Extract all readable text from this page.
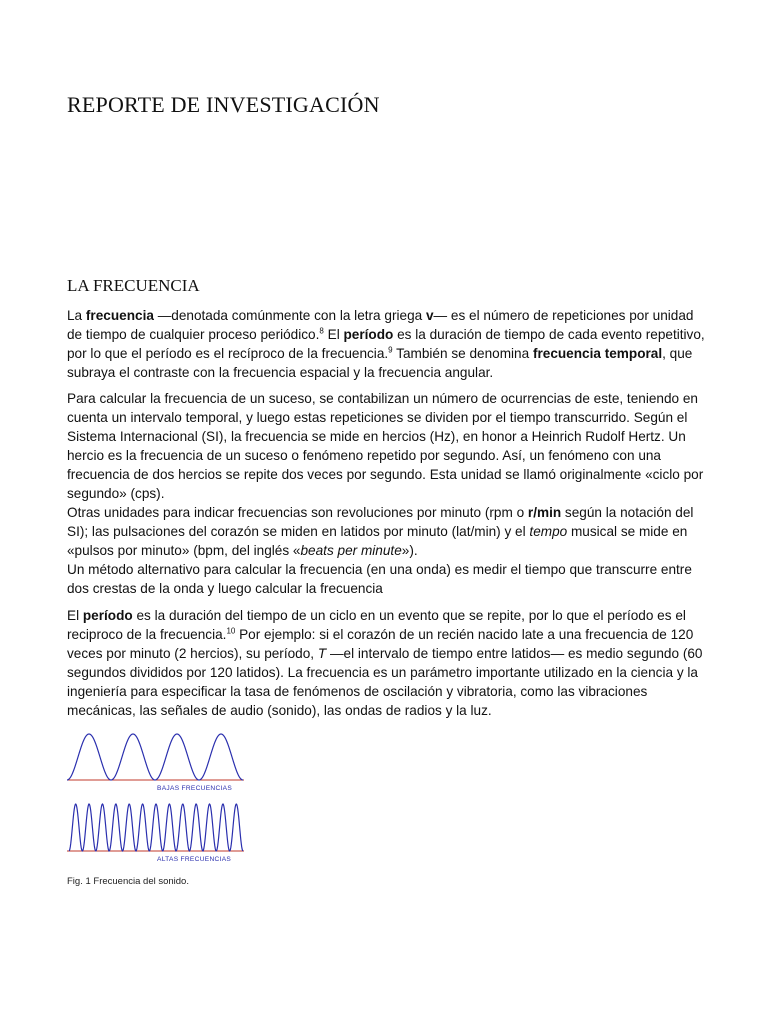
REPORTE DE INVESTIGACIÓN
LA FRECUENCIA

La frecuencia —denotada comúnmente con la letra griega v— es el número de repeticiones por unidad de tiempo de cualquier proceso periódico.$^8$ El período es la duración de tiempo de cada evento repetitivo, por lo que el período es el recíproco de la frecuencia.$^9$ También se denomina frecuencia temporal, que subraya el contraste con la frecuencia espacial y la frecuencia angular.

Para calcular la frecuencia de un suceso, se contabilizan un número de ocurrencias de este, teniendo en cuenta un intervalo temporal, y luego estas repeticiones se dividen por el tiempo transcurrido. Según el Sistema Internacional (SI), la frecuencia se mide en hercios (Hz), en honor a Heinrich Rudolf Hertz. Un hercio es la frecuencia de un suceso o fenómeno repetido por segundo. Así, un fenómeno con una frecuencia de dos hercios se repite dos veces por segundo. Esta unidad se llamó originalmente «ciclo por segundo» (cps).
Otras unidades para indicar frecuencias son revoluciones por minuto (rpm o r/min según la notación del SI); las pulsaciones del corazón se miden en latidos por minuto (lat/min) y el tempo musical se mide en «pulsos por minuto» (bpm, del inglés «beats per minute»).
Un método alternativo para calcular la frecuencia (en una onda) es medir el tiempo que transcurre entre dos crestas de la onda y luego calcular la frecuencia

El período es la duración del tiempo de un ciclo en un evento que se repite, por lo que el período es el reciproco de la frecuencia.$^{10}$ Por ejemplo: si el corazón de un recién nacido late a una frecuencia de 120 veces por minuto (2 hercios), su período, T —el intervalo de tiempo entre latidos— es medio segundo (60 segundos divididos por 120 latidos). La frecuencia es un parámetro importante utilizado en la ciencia y la ingeniería para especificar la tasa de fenómenos de oscilación y vibratoria, como las vibraciones mecánicas, las señales de audio (sonido), las ondas de radios y la luz.

BAJAS FRECUENCIAS
ALTAS FRECUENCIAS
Fig. 1 Frecuencia del sonido.
